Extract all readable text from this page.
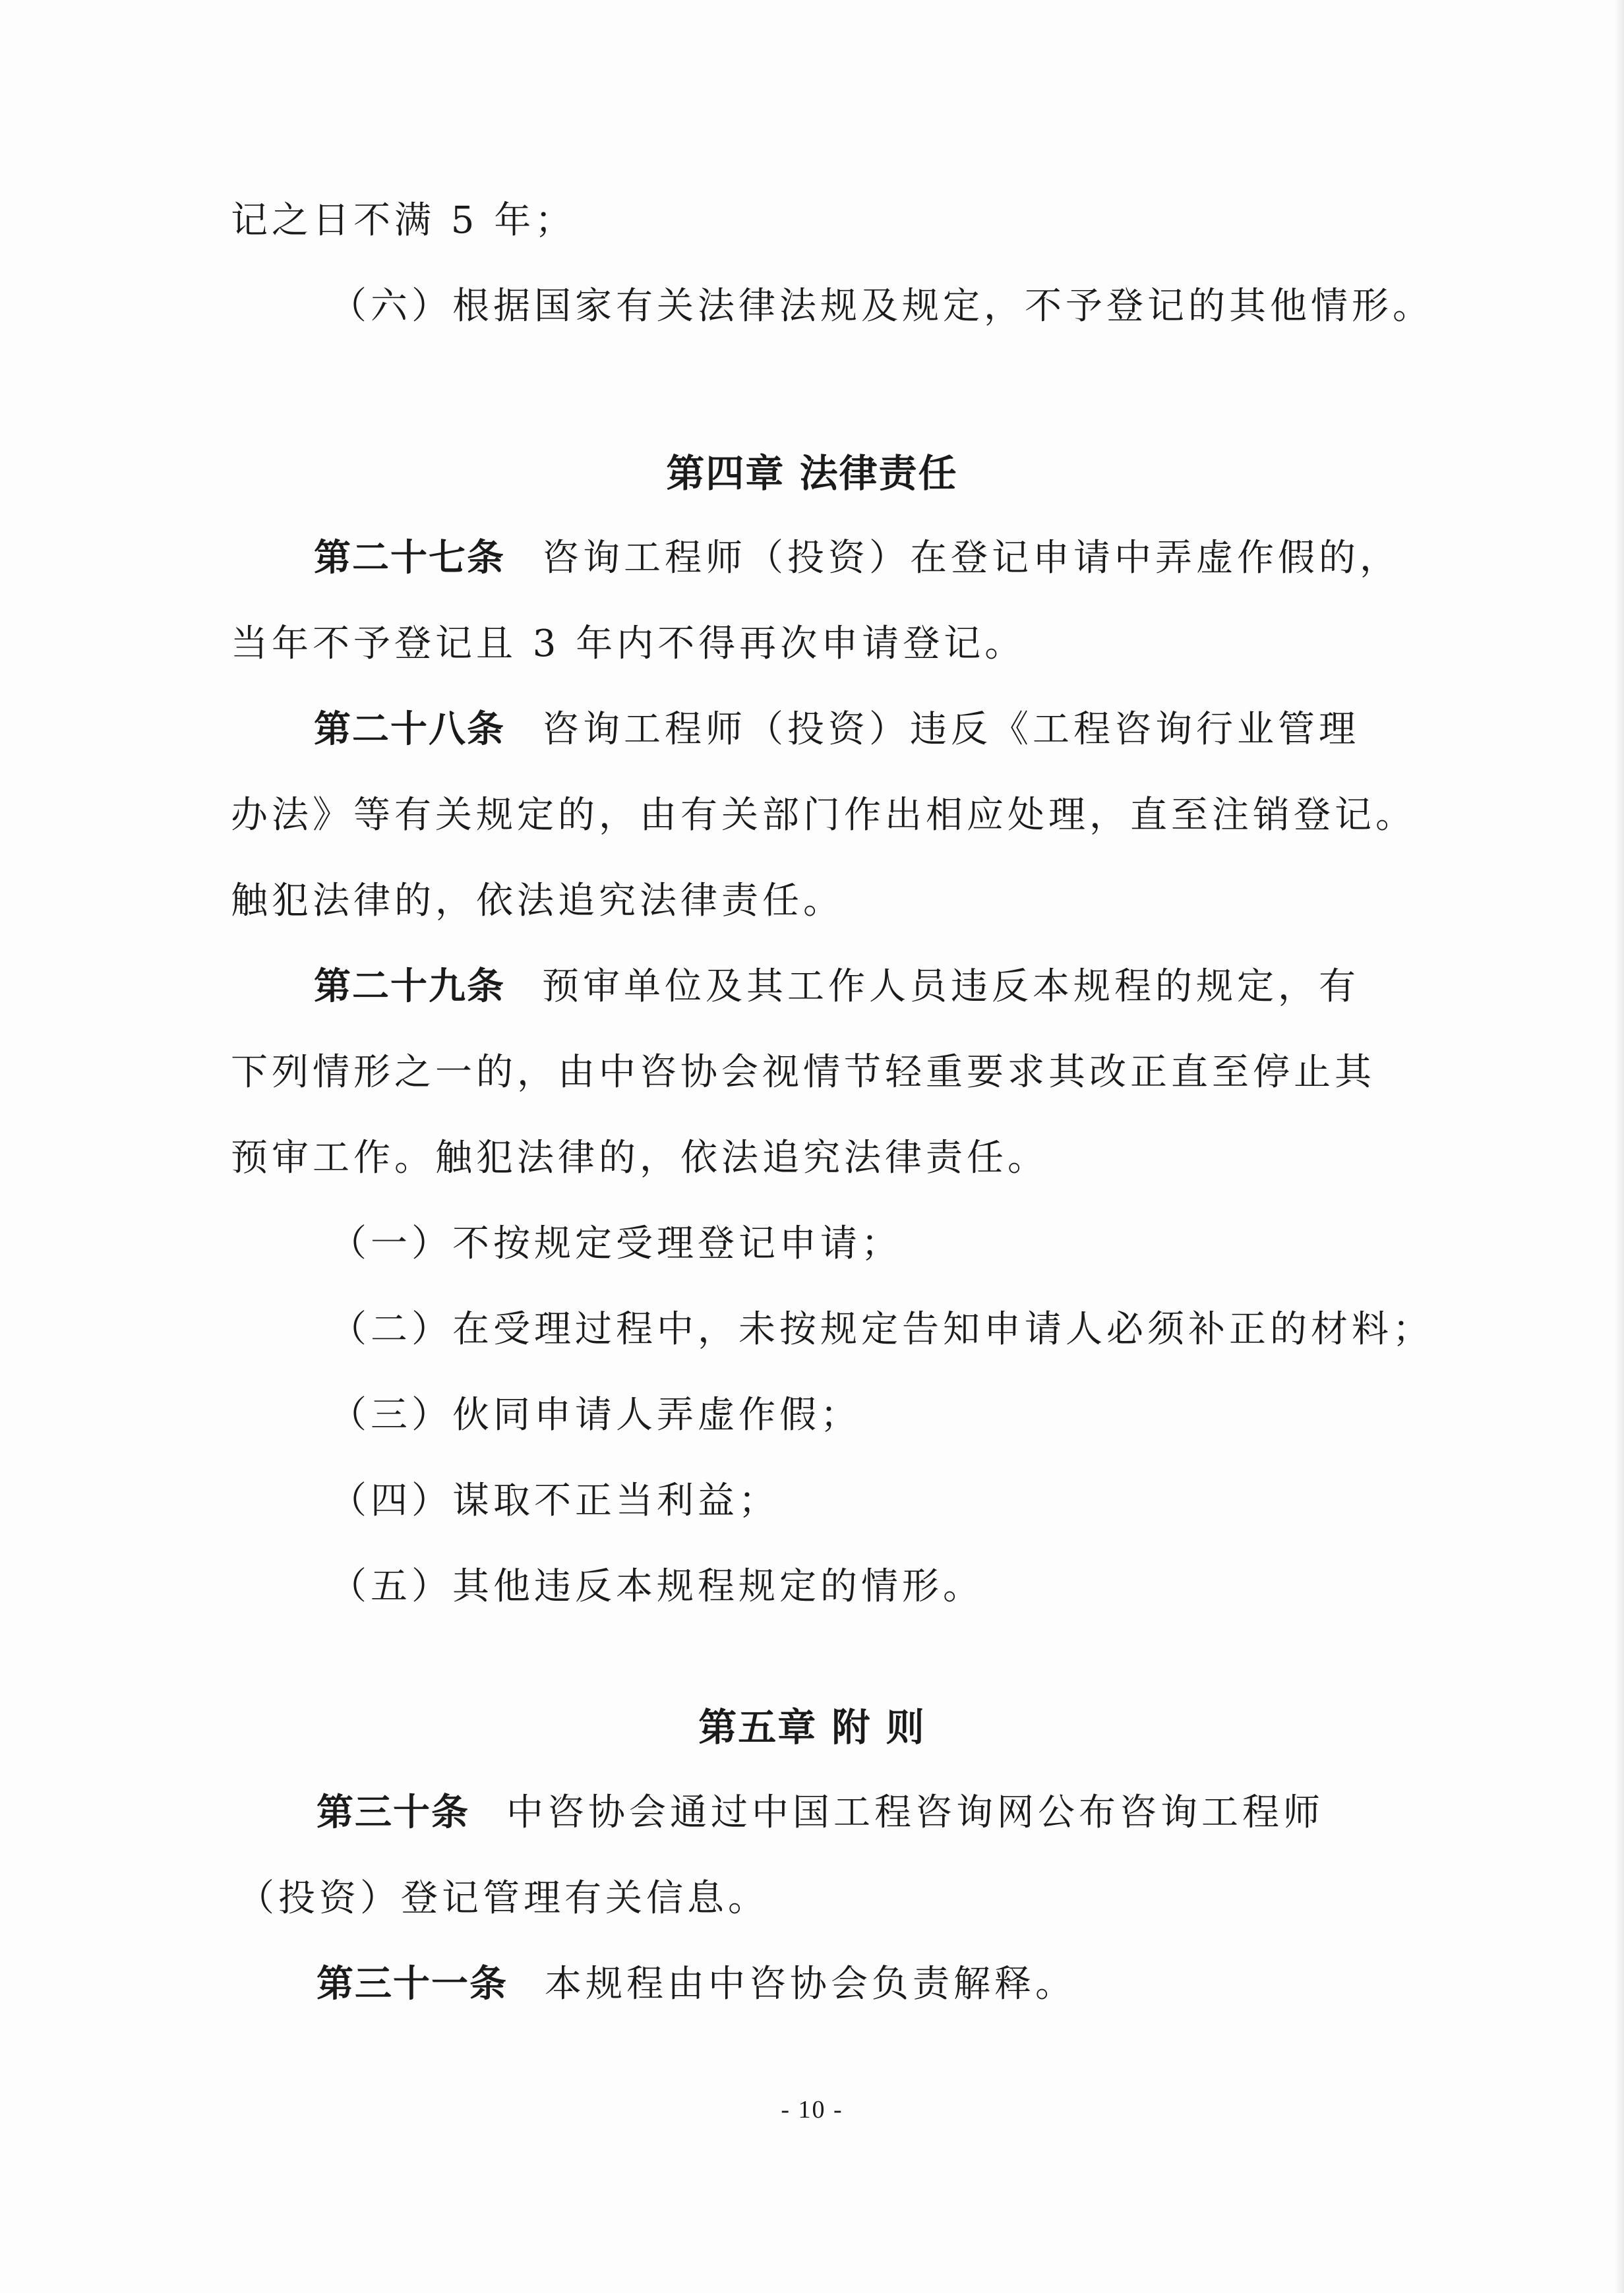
记之日不满 5 年；
（六）根据国家有关法律法规及规定，不予登记的其他情形。
第四章 法律责任
第二十七条 咨询工程师（投资）在登记申请中弄虚作假的，
当年不予登记且 3 年内不得再次申请登记。
第二十八条 咨询工程师（投资）违反《工程咨询行业管理
办法》等有关规定的，由有关部门作出相应处理，直至注销登记。
触犯法律的，依法追究法律责任。
第二十九条 预审单位及其工作人员违反本规程的规定，有
下列情形之一的，由中咨协会视情节轻重要求其改正直至停止其
预审工作。触犯法律的，依法追究法律责任。
（一）不按规定受理登记申请；
（二）在受理过程中，未按规定告知申请人必须补正的材料；
（三）伙同申请人弄虚作假；
（四）谋取不正当利益；
（五）其他违反本规程规定的情形。
第五章 附 则
第三十条 中咨协会通过中国工程咨询网公布咨询工程师
（投资）登记管理有关信息。
第三十一条 本规程由中咨协会负责解释。
- 10 -
